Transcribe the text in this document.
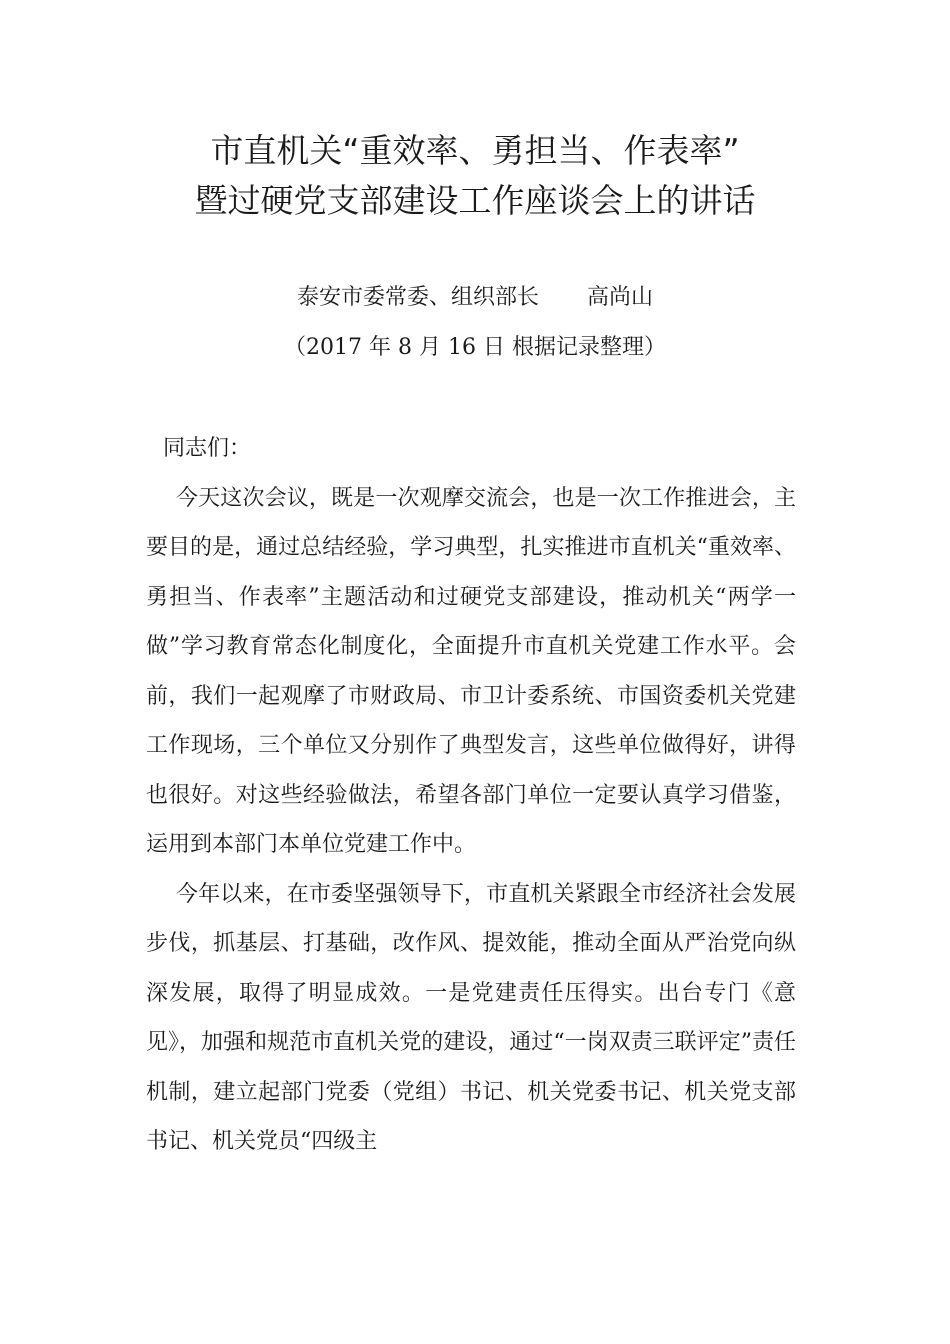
市直机关“重效率、勇担当、作表率”
暨过硬党支部建设工作座谈会上的讲话
泰安市委常委、组织部长 高尚山
（2017 年 8 月 16 日 根据记录整理）

同志们：

今天这次会议，既是一次观摩交流会，也是一次工作推进会，主要目的是，通过总结经验，学习典型，扎实推进市直机关“重效率、勇担当、作表率”主题活动和过硬党支部建设，推动机关“两学一做”学习教育常态化制度化，全面提升市直机关党建工作水平。会前，我们一起观摩了市财政局、市卫计委系统、市国资委机关党建工作现场，三个单位又分别作了典型发言，这些单位做得好，讲得也很好。对这些经验做法，希望各部门单位一定要认真学习借鉴，运用到本部门本单位党建工作中。

今年以来，在市委坚强领导下，市直机关紧跟全市经济社会发展步伐，抓基层、打基础，改作风、提效能，推动全面从严治党向纵深发展，取得了明显成效。一是党建责任压得实。出台专门《意见》，加强和规范市直机关党的建设，通过“一岗双责三联评定”责任机制，建立起部门党委（党组）书记、机关党委书记、机关党支部书记、机关党员“四级主
